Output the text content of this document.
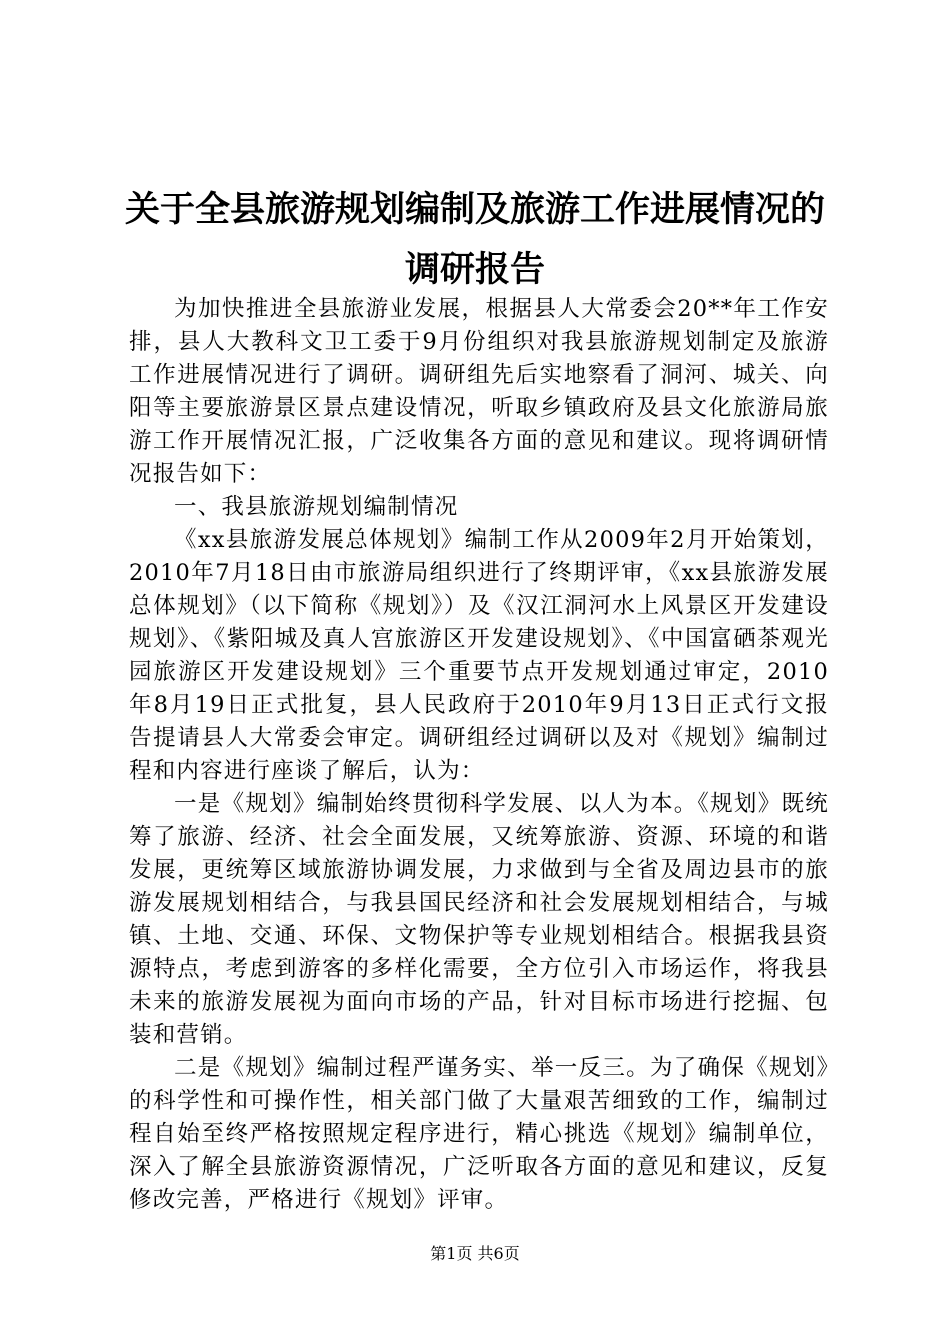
关于全县旅游规划编制及旅游工作进展情况的
调研报告

为加快推进全县旅游业发展，根据县人大常委会20**年工作安排，县人大教科文卫工委于9月份组织对我县旅游规划制定及旅游工作进展情况进行了调研。调研组先后实地察看了洞河、城关、向阳等主要旅游景区景点建设情况，听取乡镇政府及县文化旅游局旅游工作开展情况汇报，广泛收集各方面的意见和建议。现将调研情况报告如下：

一、我县旅游规划编制情况

《xx县旅游发展总体规划》编制工作从2009年2月开始策划，2010年7月18日由市旅游局组织进行了终期评审，《xx县旅游发展总体规划》（以下简称《规划》）及《汉江洞河水上风景区开发建设规划》、《紫阳城及真人宫旅游区开发建设规划》、《中国富硒茶观光园旅游区开发建设规划》三个重要节点开发规划通过审定，2010年8月19日正式批复，县人民政府于2010年9月13日正式行文报告提请县人大常委会审定。调研组经过调研以及对《规划》编制过程和内容进行座谈了解后，认为：

一是《规划》编制始终贯彻科学发展、以人为本。《规划》既统筹了旅游、经济、社会全面发展，又统筹旅游、资源、环境的和谐发展，更统筹区域旅游协调发展，力求做到与全省及周边县市的旅游发展规划相结合，与我县国民经济和社会发展规划相结合，与城镇、土地、交通、环保、文物保护等专业规划相结合。根据我县资源特点，考虑到游客的多样化需要，全方位引入市场运作，将我县未来的旅游发展视为面向市场的产品，针对目标市场进行挖掘、包装和营销。

二是《规划》编制过程严谨务实、举一反三。为了确保《规划》的科学性和可操作性，相关部门做了大量艰苦细致的工作，编制过程自始至终严格按照规定程序进行，精心挑选《规划》编制单位，深入了解全县旅游资源情况，广泛听取各方面的意见和建议，反复修改完善，严格进行《规划》评审。

第1页 共6页
